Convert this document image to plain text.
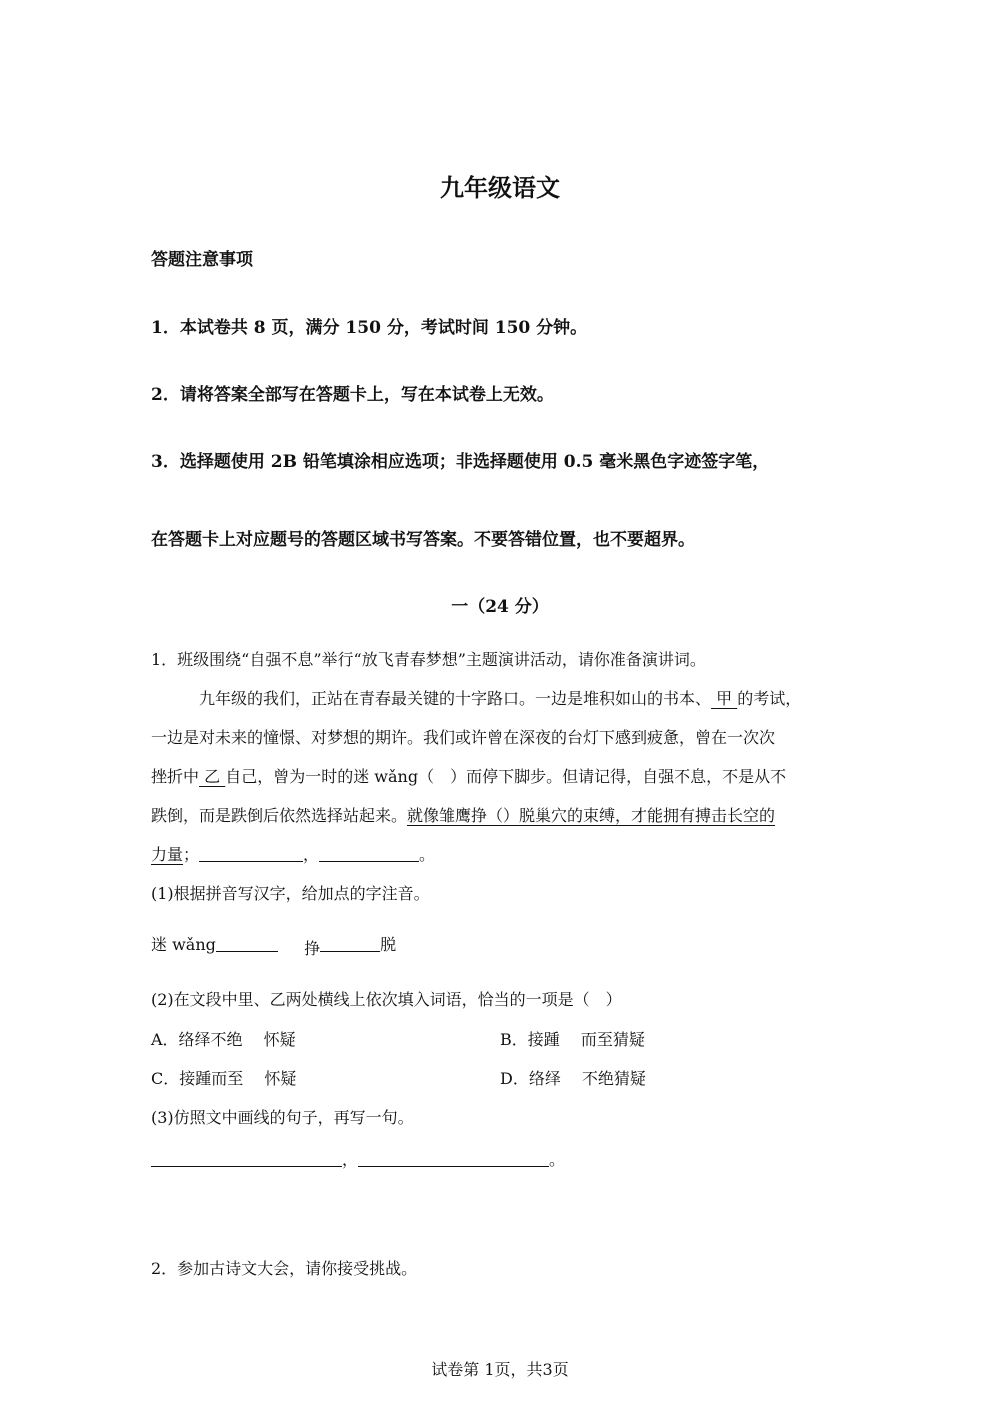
九年级语文
答题注意事项
1．本试卷共 8 页，满分 150 分，考试时间 150 分钟。
2．请将答案全部写在答题卡上，写在本试卷上无效。
3．选择题使用 2B 铅笔填涂相应选项；非选择题使用 0.5 毫米黑色字迹签字笔，
在答题卡上对应题号的答题区域书写答案。不要答错位置，也不要超界。
一（24 分）
1．班级围绕“自强不息”举行“放飞青春梦想”主题演讲活动，请你准备演讲词。
九年级的我们，正站在青春最关键的十字路口。一边是堆积如山的书本、 甲 的考试，
一边是对未来的憧憬、对梦想的期许。我们或许曾在深夜的台灯下感到疲惫，曾在一次次
挫折中 乙 自己，曾为一时的迷 wǎng（　）而停下脚步。但请记得，自强不息，不是从不
跌倒，而是跌倒后依然选择站起来。就像雏鹰挣（）脱巢穴的束缚，才能拥有搏击长空的
力量；	，	。
(1)根据拼音写汉字，给加点的字注音。
迷 wǎng	挣	脱
(2)在文段中里、乙两处横线上依次填入词语，恰当的一项是（　）
A．络绎不绝　 怀疑	B．接踵　 而至猜疑
C．接踵而至　 怀疑	D．络绎　 不绝猜疑
(3)仿照文中画线的句子，再写一句。
，	。
2．参加古诗文大会，请你接受挑战。
试卷第 1页，共3页
